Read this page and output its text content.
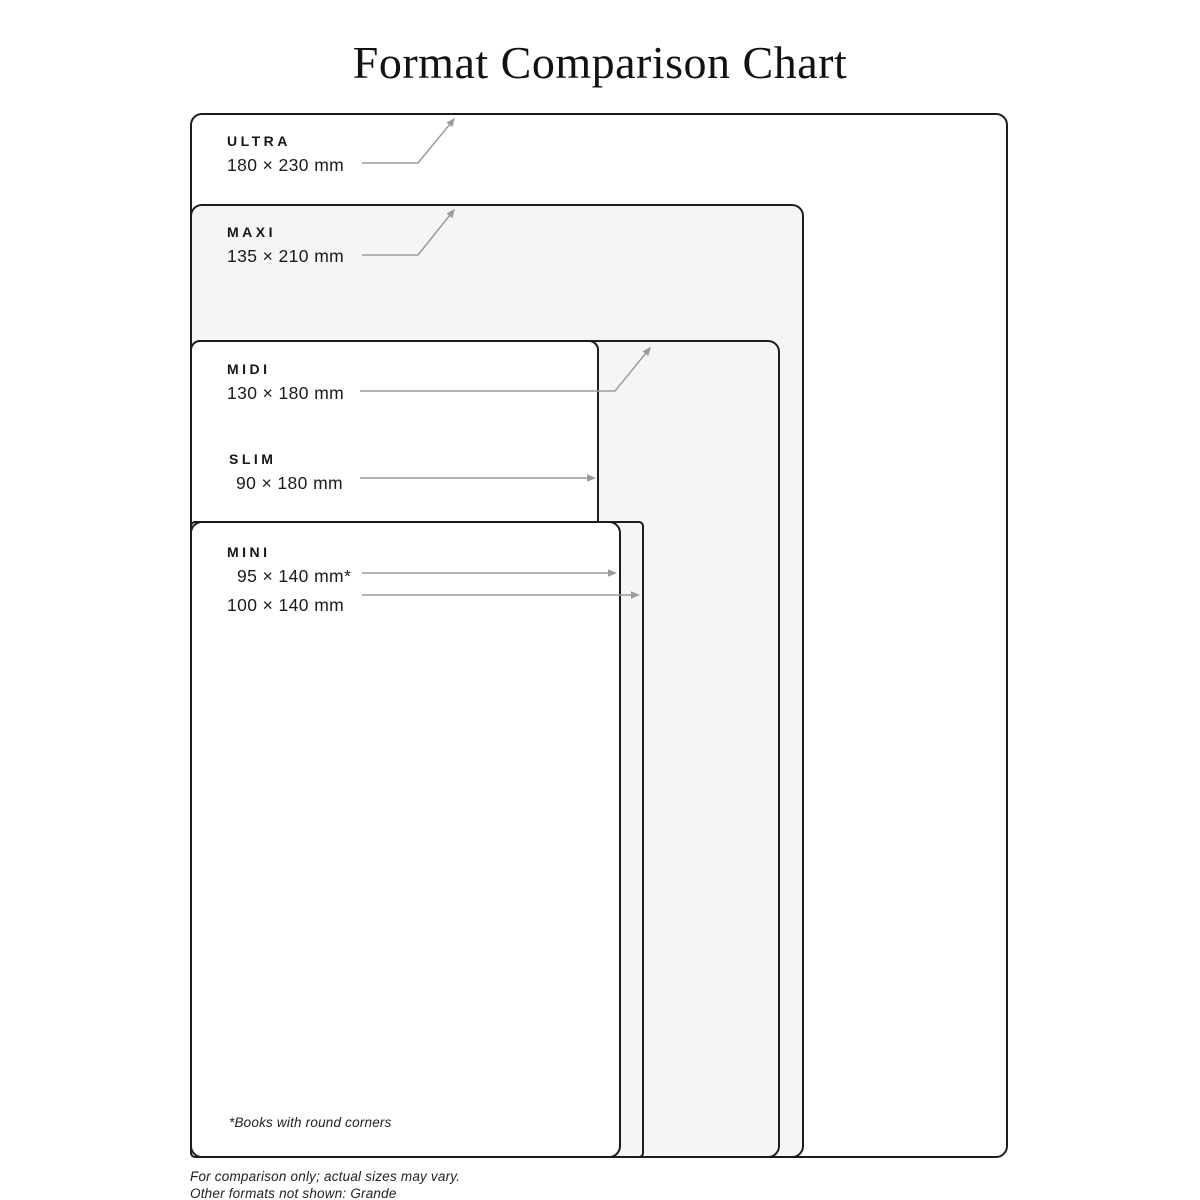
Format Comparison Chart
ULTRA
180 × 230 mm
MAXI
135 × 210 mm
MIDI
130 × 180 mm
SLIM
90 × 180 mm
MINI
95 × 140 mm*
100 × 140 mm
*Books with round corners
For comparison only; actual sizes may vary.
Other formats not shown: Grande
